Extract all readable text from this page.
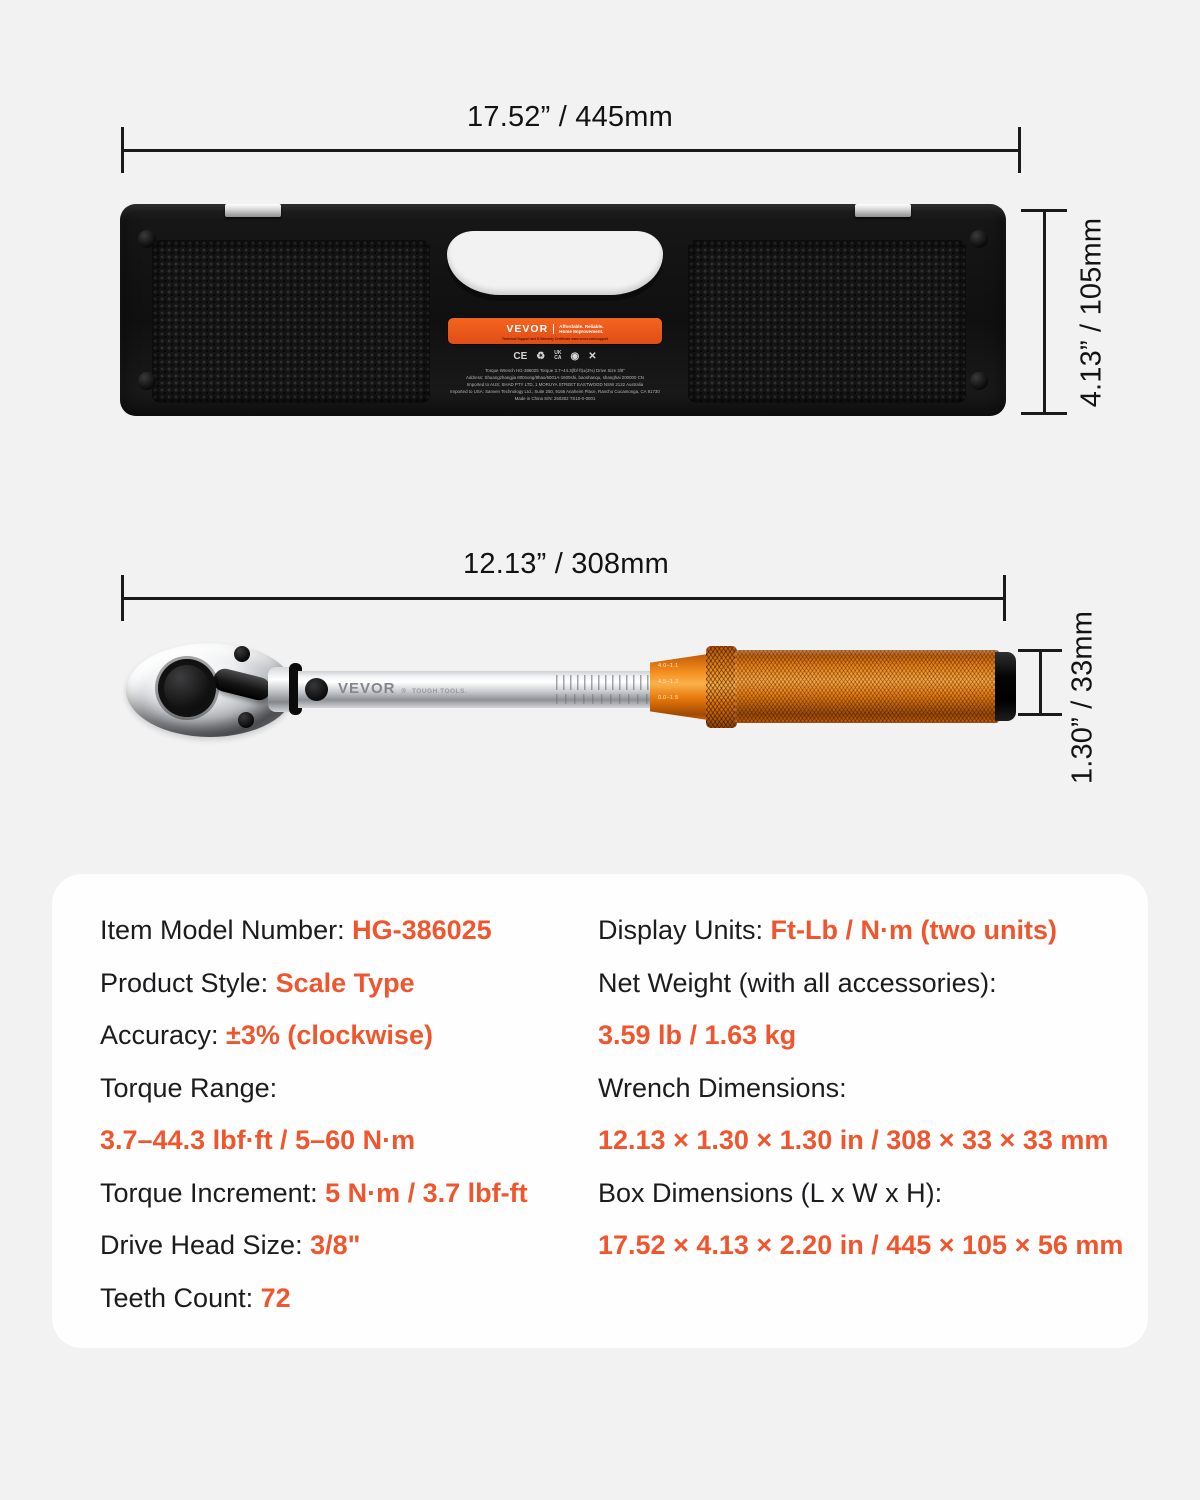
17.52” / 445mm
VEVOR Affordable. Reliable.
Home Improvement.
Technical Support and E-Warranty Certificate www.vevor.com/support
CE ♻ UK
CA ◉ ✕
Torque Wrench HG-386025 Torque 3.7~44.3(lbf·ft)±(3%) Drive Size 3/8"
Address: Shuangzhangjia 800nong/8hao/6001A-1600shi, baoshanqu, shanghai 200000 CN
Imported to AUS: SHAD PTY LTD, 1 MORUYA STREET EASTWOOD NSW 2122 Australia
Imported to USA: Sanven Technology Ltd., Suite 250, 9166 Anaheim Place, Rancho Cucamonga, CA 91730
Made in China S/N: 250302 TS10-0-0001	4.13” / 105mm
12.13” / 308mm
VEVOR ® TOUGH TOOLS.
4.0–1.1
4.5–1.3
0.0–1.5	1.30” / 33mm
Item Model Number: HG-386025
Product Style: Scale Type
Accuracy: ±3% (clockwise)
Torque Range:
3.7–44.3 lbf·ft / 5–60 N·m
Torque Increment: 5 N·m / 3.7 lbf-ft
Drive Head Size: 3/8"
Teeth Count: 72
Display Units: Ft-Lb / N·m (two units)
Net Weight (with all accessories):
3.59 lb / 1.63 kg
Wrench Dimensions:
12.13 × 1.30 × 1.30 in / 308 × 33 × 33 mm
Box Dimensions (L x W x H):
17.52 × 4.13 × 2.20 in / 445 × 105 × 56 mm
